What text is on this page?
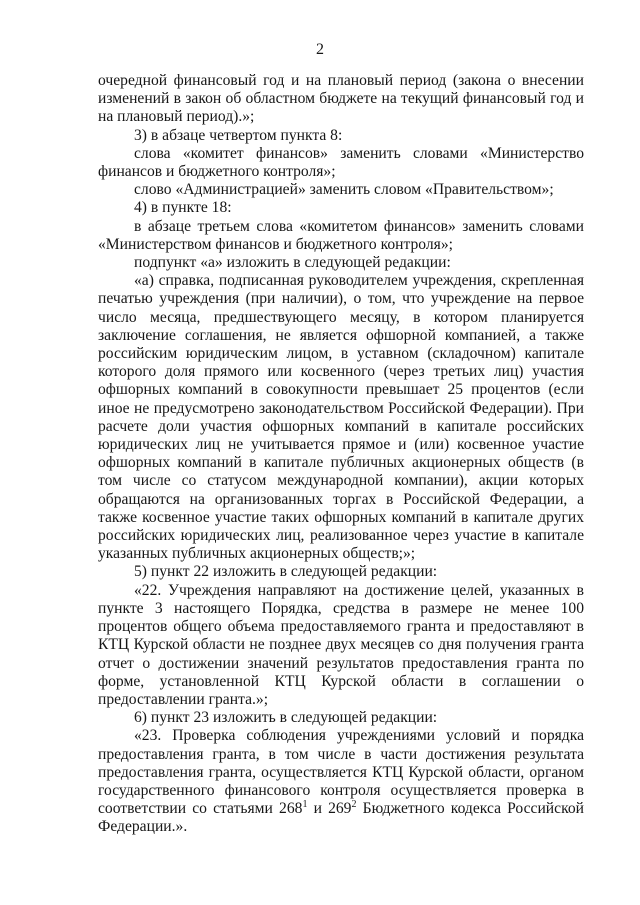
2

очередной финансовый год и на плановый период (закона о внесении изменений в закон об областном бюджете на текущий финансовый год и на плановый период).»;

3) в абзаце четвертом пункта 8:

слова «комитет финансов» заменить словами «Министерство финансов и бюджетного контроля»;

слово «Администрацией» заменить словом «Правительством»;

4) в пункте 18:

в абзаце третьем слова «комитетом финансов» заменить словами «Министерством финансов и бюджетного контроля»;

подпункт «а» изложить в следующей редакции:

«а) справка, подписанная руководителем учреждения, скрепленная печатью учреждения (при наличии), о том, что учреждение на первое число месяца, предшествующего месяцу, в котором планируется заключение соглашения, не является офшорной компанией, а также российским юридическим лицом, в уставном (складочном) капитале которого доля прямого или косвенного (через третьих лиц) участия офшорных компаний в совокупности превышает 25 процентов (если иное не предусмотрено законодательством Российской Федерации). При расчете доли участия офшорных компаний в капитале российских юридических лиц не учитывается прямое и (или) косвенное участие офшорных компаний в капитале публичных акционерных обществ (в том числе со статусом международной компании), акции которых обращаются на организованных торгах в Российской Федерации, а также косвенное участие таких офшорных компаний в капитале других российских юридических лиц, реализованное через участие в капитале указанных публичных акционерных обществ;»;

5) пункт 22 изложить в следующей редакции:

«22. Учреждения направляют на достижение целей, указанных в пункте 3 настоящего Порядка, средства в размере не менее 100 процентов общего объема предоставляемого гранта и предоставляют в КТЦ Курской области не позднее двух месяцев со дня получения гранта отчет о достижении значений результатов предоставления гранта по форме, установленной КТЦ Курской области в соглашении о предоставлении гранта.»;

6) пункт 23 изложить в следующей редакции:

«23. Проверка соблюдения учреждениями условий и порядка предоставления гранта, в том числе в части достижения результата предоставления гранта, осуществляется КТЦ Курской области, органом государственного финансового контроля осуществляется проверка в соответствии со статьями $268^1$ и $269^2$ Бюджетного кодекса Российской Федерации.».
